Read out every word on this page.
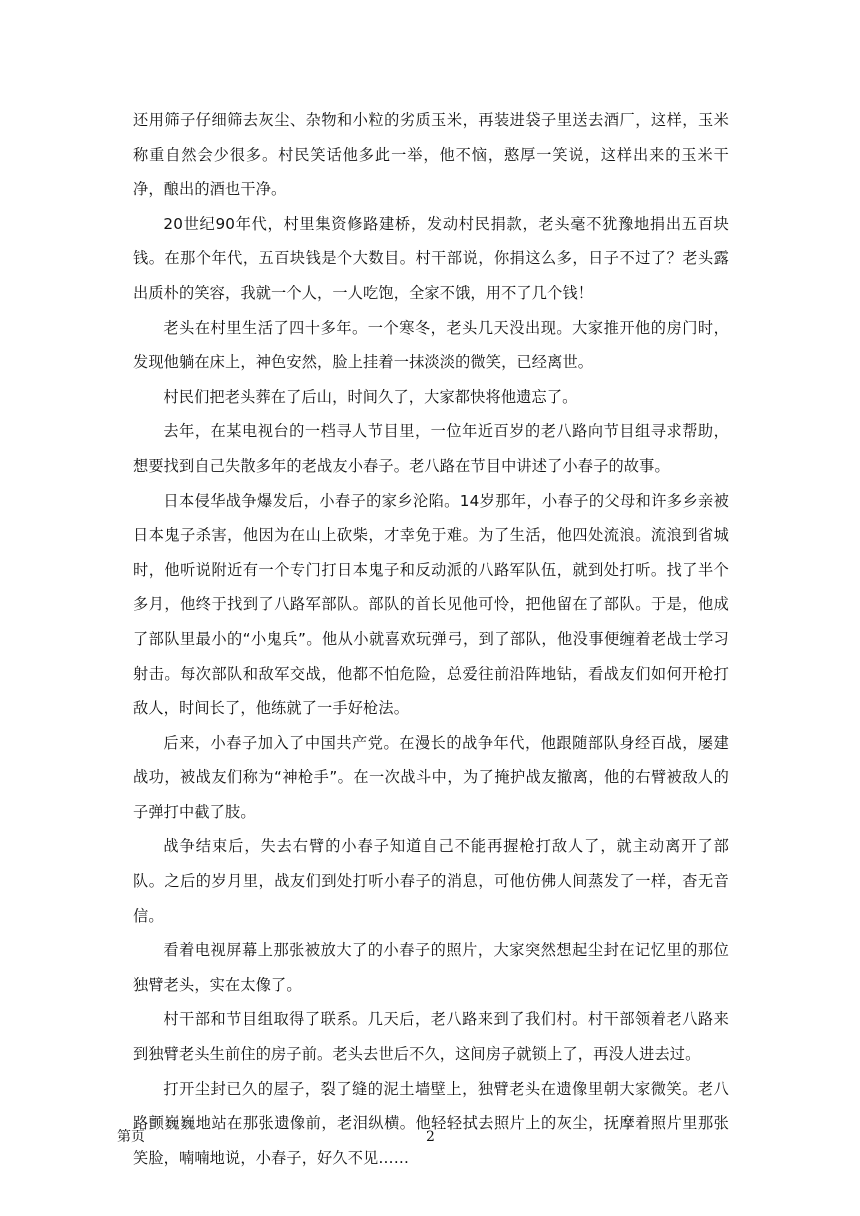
还用筛子仔细筛去灰尘、杂物和小粒的劣质玉米，再装进袋子里送去酒厂，这样，玉米称重自然会少很多。村民笑话他多此一举，他不恼，憨厚一笑说，这样出来的玉米干净，酿出的酒也干净。

20世纪90年代，村里集资修路建桥，发动村民捐款，老头毫不犹豫地捐出五百块钱。在那个年代，五百块钱是个大数目。村干部说，你捐这么多，日子不过了？老头露出质朴的笑容，我就一个人，一人吃饱，全家不饿，用不了几个钱！

老头在村里生活了四十多年。一个寒冬，老头几天没出现。大家推开他的房门时，发现他躺在床上，神色安然，脸上挂着一抹淡淡的微笑，已经离世。

村民们把老头葬在了后山，时间久了，大家都快将他遗忘了。

去年，在某电视台的一档寻人节目里，一位年近百岁的老八路向节目组寻求帮助，想要找到自己失散多年的老战友小春子。老八路在节目中讲述了小春子的故事。

日本侵华战争爆发后，小春子的家乡沦陷。14岁那年，小春子的父母和许多乡亲被日本鬼子杀害，他因为在山上砍柴，才幸免于难。为了生活，他四处流浪。流浪到省城时，他听说附近有一个专门打日本鬼子和反动派的八路军队伍，就到处打听。找了半个多月，他终于找到了八路军部队。部队的首长见他可怜，把他留在了部队。于是，他成了部队里最小的“小鬼兵”。他从小就喜欢玩弹弓，到了部队，他没事便缠着老战士学习射击。每次部队和敌军交战，他都不怕危险，总爱往前沿阵地钻，看战友们如何开枪打敌人，时间长了，他练就了一手好枪法。

后来，小春子加入了中国共产党。在漫长的战争年代，他跟随部队身经百战，屡建战功，被战友们称为“神枪手”。在一次战斗中，为了掩护战友撤离，他的右臂被敌人的子弹打中截了肢。

战争结束后，失去右臂的小春子知道自己不能再握枪打敌人了，就主动离开了部队。之后的岁月里，战友们到处打听小春子的消息，可他仿佛人间蒸发了一样，杳无音信。

看着电视屏幕上那张被放大了的小春子的照片，大家突然想起尘封在记忆里的那位独臂老头，实在太像了。

村干部和节目组取得了联系。几天后，老八路来到了我们村。村干部领着老八路来到独臂老头生前住的房子前。老头去世后不久，这间房子就锁上了，再没人进去过。

打开尘封已久的屋子，裂了缝的泥土墙壁上，独臂老头在遗像里朝大家微笑。老八路颤巍巍地站在那张遗像前，老泪纵横。他轻轻拭去照片上的灰尘，抚摩着照片里那张笑脸，喃喃地说，小春子，好久不见……

第页	2
